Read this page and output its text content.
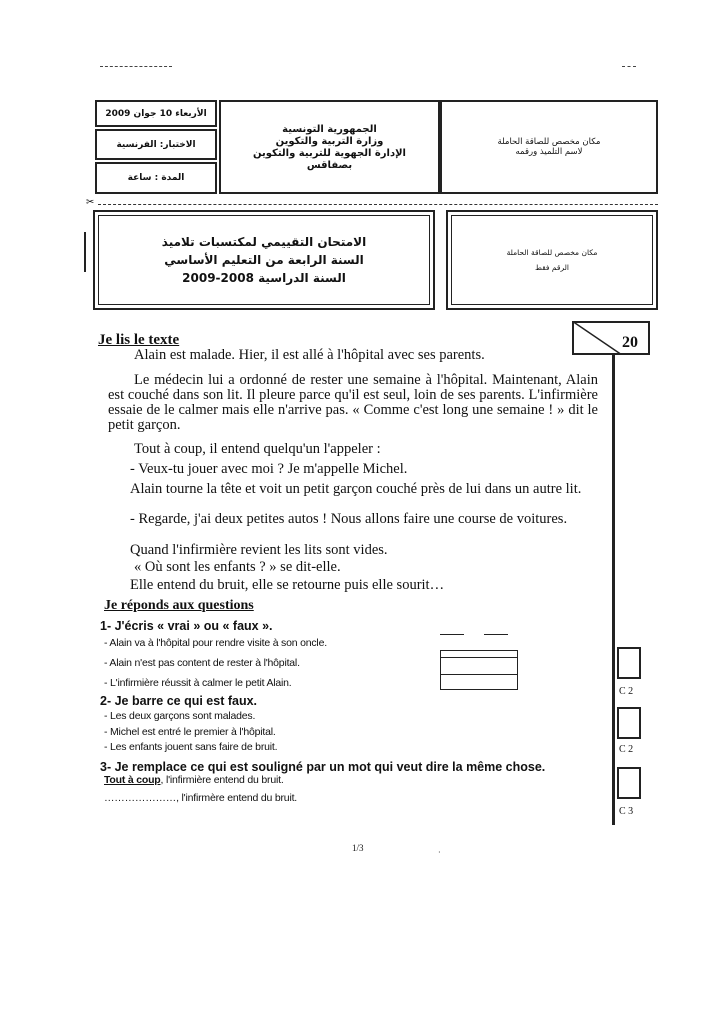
الأربعاء 10 جوان 2009
الاختبار: الفرنسية
المدة : ساعة
الجمهورية التونسية
وزارة التربية والتكوين
الإدارة الجهوية للتربية والتكوين
بصفاقس
مكان مخصص للصاقة الحاملة
لاسم التلميذ ورقمه
✂
الامتحان التقييمي لمكتسبات تلاميذ
السنة الرابعة من التعليم الأساسي
السنة الدراسية 2008-2009
مكان مخصص للصاقة الحاملة
الرقم فقط
20
Je lis le texte
Alain est malade. Hier, il est allé à l'hôpital avec ses parents.
Le médecin lui a ordonné de rester une semaine à l'hôpital. Maintenant, Alain est couché dans son lit. Il pleure parce qu'il est seul, loin de ses parents. L'infirmière essaie de le calmer mais elle n'arrive pas. « Comme c'est long une semaine ! » dit le petit garçon.
Tout à coup, il entend quelqu'un l'appeler :
- Veux-tu jouer avec moi ? Je m'appelle Michel.
Alain tourne la tête et voit un petit garçon couché près de lui dans un autre lit.
- Regarde, j'ai deux petites autos ! Nous allons faire une course de voitures.
Quand l'infirmière revient les lits sont vides.
« Où sont les enfants ? » se dit-elle.
Elle entend du bruit, elle se retourne puis elle sourit…
Je réponds aux questions
1- J'écris « vrai » ou « faux ».
- Alain va à l'hôpital pour rendre visite à son oncle.
- Alain n'est pas content de rester à l'hôpital.
- L'infirmière réussit à calmer le petit Alain.
2- Je barre ce qui est faux.
- Les deux garçons sont malades.
- Michel est entré le premier à l'hôpital.
- Les enfants jouent sans faire de bruit.
3- Je remplace ce qui est souligné par un mot qui veut dire la même chose.
Tout à coup, l'infirmière entend du bruit.
…………………, l'infirmère entend du bruit.
C 2
C 2
C 3
1/3	·
